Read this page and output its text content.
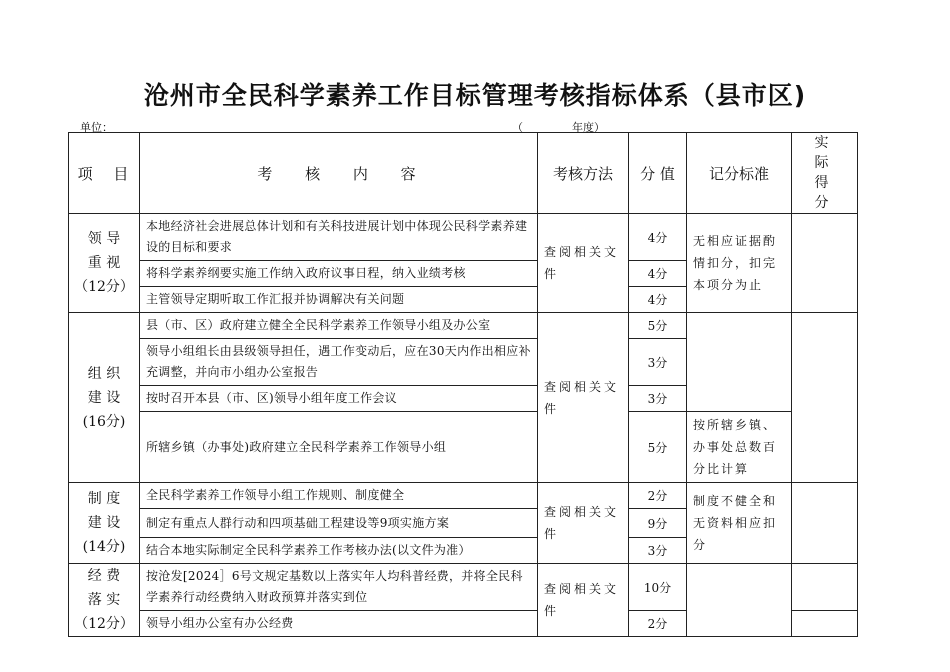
沧州市全民科学素养工作目标管理考核指标体系（县市区)
单位：	（	年度）
项 目	考 核 内 容	考核方法	分 值	记分标准	实 际 得 分

领 导
重 视
（12分）	本地经济社会进展总体计划和有关科技进展计划中体现公民科学素养建设的目标和要求	查阅相关文件	4分	无相应证据酌情扣分，扣完本项分为止	
	将科学素养纲要实施工作纳入政府议事日程，纳入业绩考核		4分		
	主管领导定期听取工作汇报并协调解决有关问题		4分		

组 织
建 设
(16分)	县（市、区）政府建立健全全民科学素养工作领导小组及办公室	查阅相关文件	5分		
	领导小组组长由县级领导担任，遇工作变动后，应在30天内作出相应补充调整，并向市小组办公室报告		3分		
	按时召开本县（市、区)领导小组年度工作会议		3分		
	所辖乡镇（办事处)政府建立全民科学素养工作领导小组		5分	按所辖乡镇、办事处总数百分比计算	

制 度
建 设
(14分)	全民科学素养工作领导小组工作规则、制度健全	查阅相关文件	2分	制度不健全和无资料相应扣分	
	制定有重点人群行动和四项基础工程建设等9项实施方案		9分		
	结合本地实际制定全民科学素养工作考核办法(以文件为准）		3分		

经 费
落 实
（12分）	按沧发[2024］6号文规定基数以上落实年人均科普经费，并将全民科学素养行动经费纳入财政预算并落实到位	查阅相关文件	10分		
	领导小组办公室有办公经费		2分		
